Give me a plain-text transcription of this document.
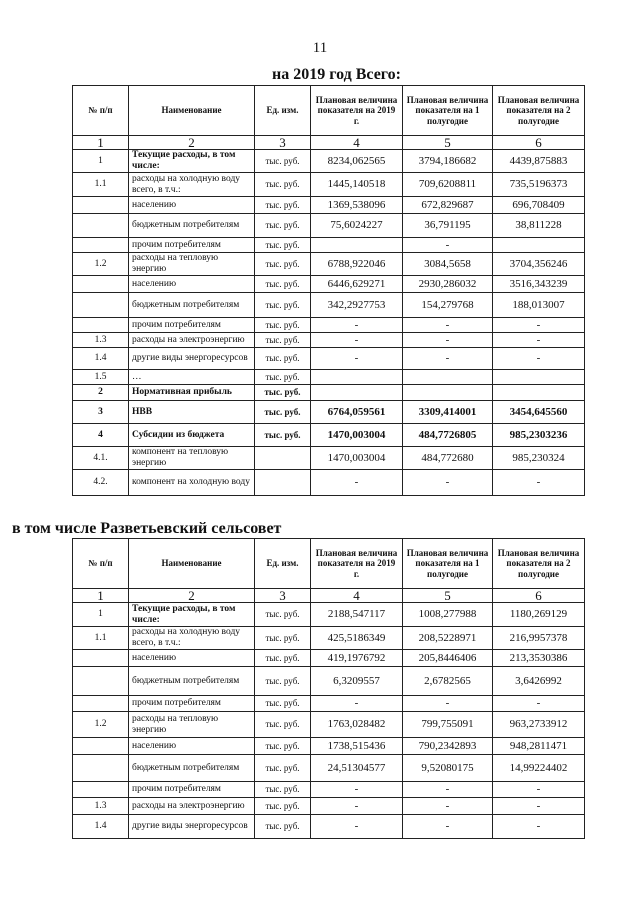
11
на 2019 год Всего:
№ п/п	Наименование	Ед. изм.	Плановая величина показателя на 2019 г.	Плановая величина показателя на 1 полугодие	Плановая величина показателя на 2 полугодие
1	2	3	4	5	6
1	Текущие расходы, в том числе:	тыс. руб.	8234,062565	3794,186682	4439,875883
1.1	расходы на холодную воду всего, в т.ч.:	тыс. руб.	1445,140518	709,6208811	735,5196373
	населению	тыс. руб.	1369,538096	672,829687	696,708409
	бюджетным потребителям	тыс. руб.	75,6024227	36,791195	38,811228
	прочим потребителям	тыс. руб.		-	
1.2	расходы на тепловую энергию	тыс. руб.	6788,922046	3084,5658	3704,356246
	населению	тыс. руб.	6446,629271	2930,286032	3516,343239
	бюджетным потребителям	тыс. руб.	342,2927753	154,279768	188,013007
	прочим потребителям	тыс. руб.	-	-	-
1.3	расходы на электроэнергию	тыс. руб.	-	-	-
1.4	другие виды энергоресурсов	тыс. руб.	-	-	-
1.5	…	тыс. руб.			
2	Нормативная прибыль	тыс. руб.			
3	НВВ	тыс. руб.	6764,059561	3309,414001	3454,645560
4	Субсидии из бюджета	тыс. руб.	1470,003004	484,7726805	985,2303236
4.1.	компонент на тепловую энергию		1470,003004	484,772680	985,230324
4.2.	компонент на холодную воду		-	-	-
в том числе Разветьевский сельсовет
№ п/п	Наименование	Ед. изм.	Плановая величина показателя на 2019 г.	Плановая величина показателя на 1 полугодие	Плановая величина показателя на 2 полугодие
1	2	3	4	5	6
1	Текущие расходы, в том числе:	тыс. руб.	2188,547117	1008,277988	1180,269129
1.1	расходы на холодную воду всего, в т.ч.:	тыс. руб.	425,5186349	208,5228971	216,9957378
	населению	тыс. руб.	419,1976792	205,8446406	213,3530386
	бюджетным потребителям	тыс. руб.	6,3209557	2,6782565	3,6426992
	прочим потребителям	тыс. руб.	-	-	-
1.2	расходы на тепловую энергию	тыс. руб.	1763,028482	799,755091	963,2733912
	населению	тыс. руб.	1738,515436	790,2342893	948,2811471
	бюджетным потребителям	тыс. руб.	24,51304577	9,52080175	14,99224402
	прочим потребителям	тыс. руб.	-	-	-
1.3	расходы на электроэнергию	тыс. руб.	-	-	-
1.4	другие виды энергоресурсов	тыс. руб.	-	-	-
